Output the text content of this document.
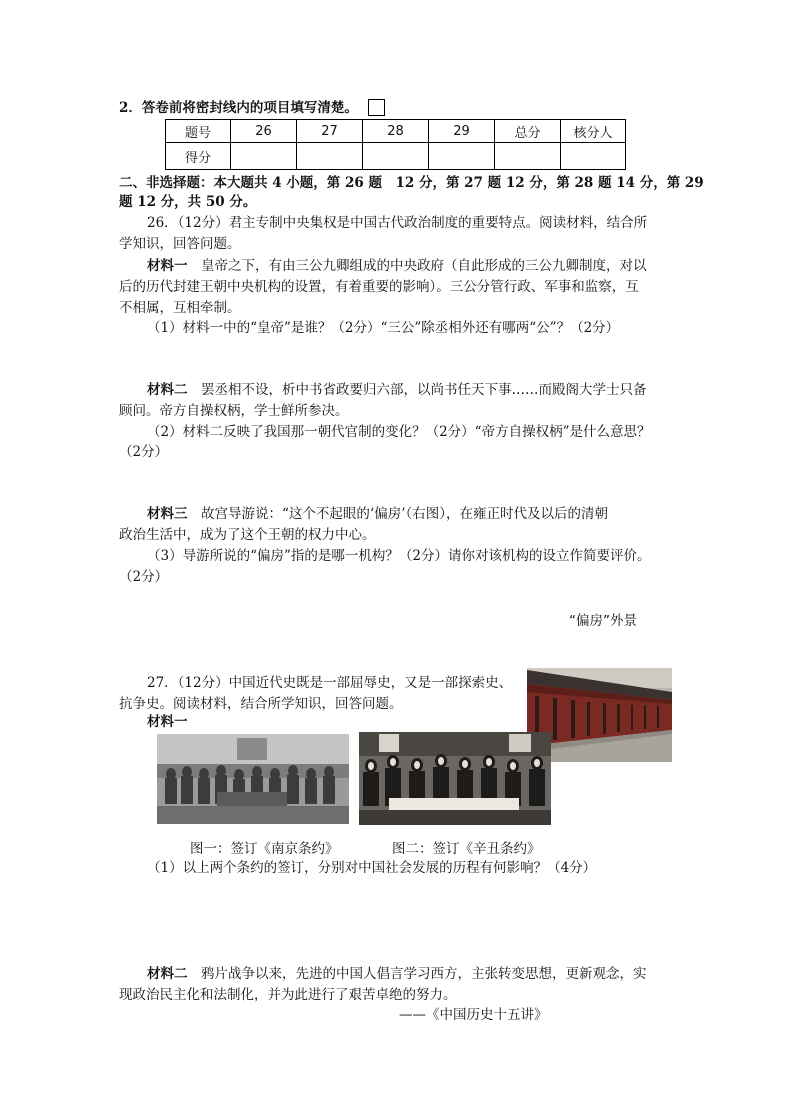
2．答卷前将密封线内的项目填写清楚。
题号	26	27	28	29	总分	核分人
得分						
二、非选择题：本大题共 4 小题，第 26 题　12 分，第 27 题 12 分，第 28 题 14 分，第 29
题 12 分，共 50 分。
26．（12分）君主专制中央集权是中国古代政治制度的重要特点。阅读材料，结合所
学知识，回答问题。
材料一　皇帝之下，有由三公九卿组成的中央政府（自此形成的三公九卿制度，对以
后的历代封建王朝中央机构的设置，有着重要的影响）。三公分管行政、军事和监察，互
不相属，互相牵制。
（1）材料一中的“皇帝”是谁？（2分）“三公”除丞相外还有哪两“公”？（2分）
材料二　罢丞相不设，析中书省政要归六部，以尚书任天下事……而殿阁大学士只备
顾问。帝方自操权柄，学士鲜所参决。
（2）材料二反映了我国那一朝代官制的变化？（2分）“帝方自操权柄”是什么意思？
（2分）
材料三　故宫导游说：“这个不起眼的‘偏房’（右图），在雍正时代及以后的清朝
政治生活中，成为了这个王朝的权力中心。
（3）导游所说的“偏房”指的是哪一机构？（2分）请你对该机构的设立作简要评价。
（2分）
“偏房”外景
27．（12分）中国近代史既是一部屈辱史，又是一部探索史、
抗争史。阅读材料，结合所学知识，回答问题。
材料一
图一：签订《南京条约》	图二：签订《辛丑条约》
（1）以上两个条约的签订，分别对中国社会发展的历程有何影响？（4分）
材料二　鸦片战争以来，先进的中国人倡言学习西方，主张转变思想，更新观念，实
现政治民主化和法制化，并为此进行了艰苦卓绝的努力。
——《中国历史十五讲》
